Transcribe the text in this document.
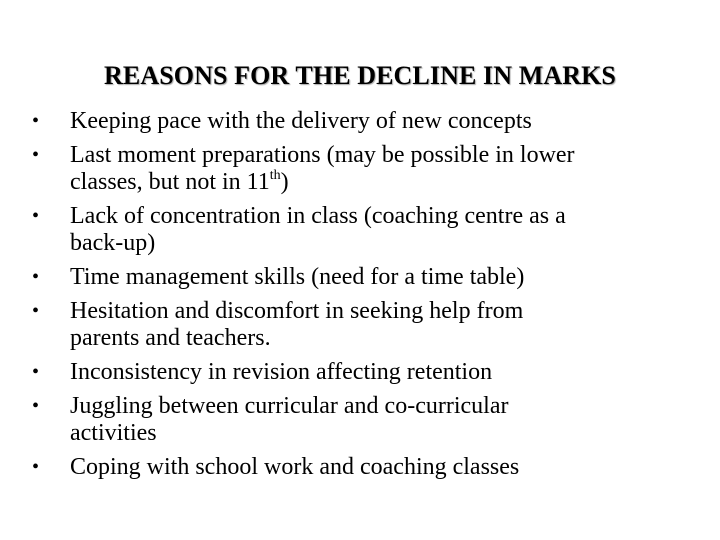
REASONS FOR THE DECLINE IN MARKS
•	Keeping pace with the delivery of new concepts
•	Last moment preparations (may be possible in lower
classes, but not in 11th)
•	Lack of concentration in class (coaching centre as a
back-up)
•	Time management skills (need for a time table)
•	Hesitation and discomfort in seeking help from
parents and teachers.
•	Inconsistency in revision affecting retention
•	Juggling between curricular and co-curricular
activities
•	Coping with school work and coaching classes
